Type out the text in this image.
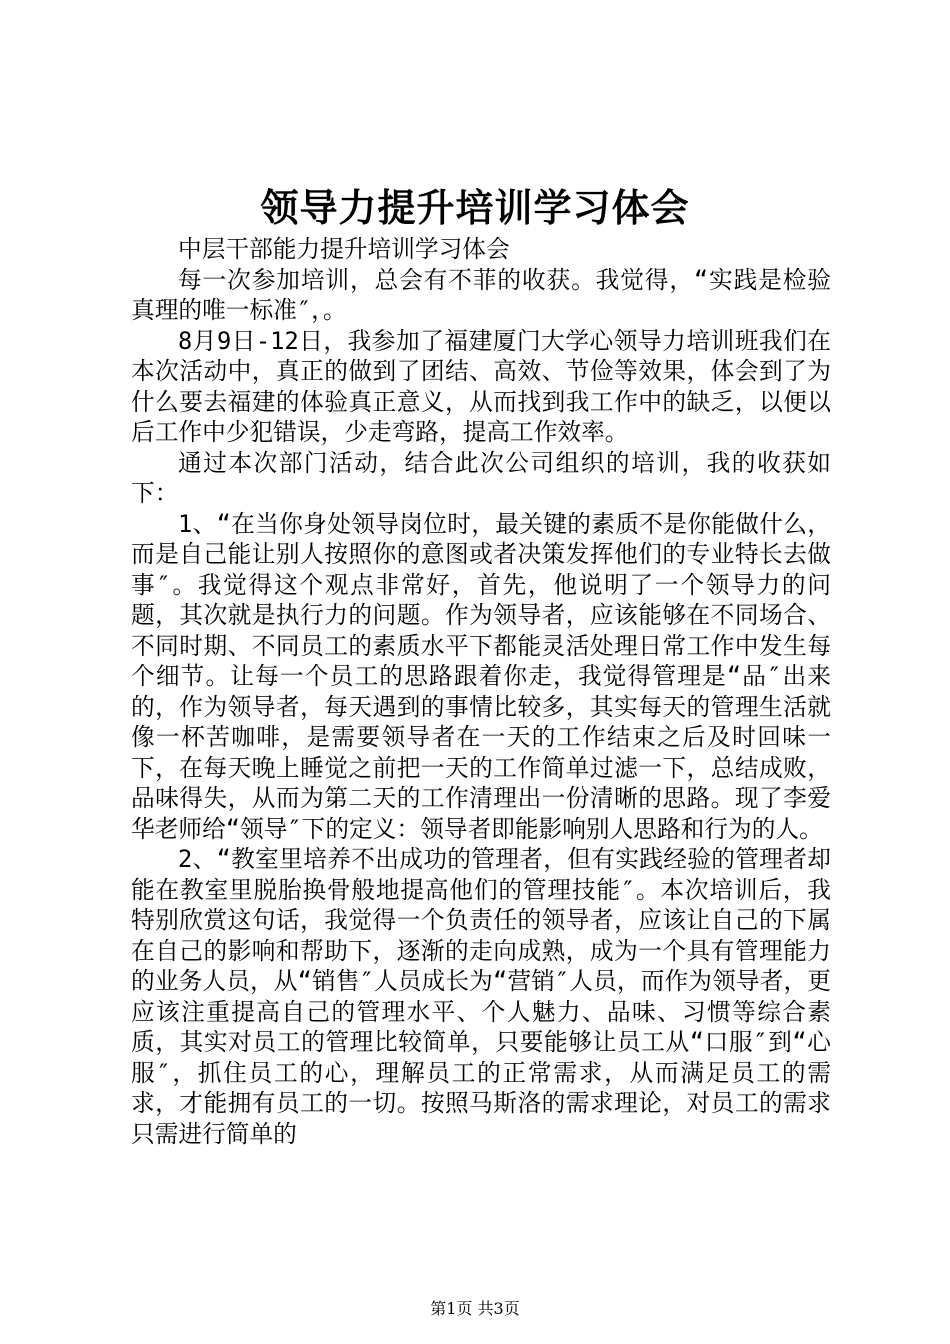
领导力提升培训学习体会

中层干部能力提升培训学习体会

每一次参加培训，总会有不菲的收获。我觉得，“实践是检验真理的唯一标准″，。

8月9日-12日，我参加了福建厦门大学心领导力培训班我们在本次活动中，真正的做到了团结、高效、节俭等效果，体会到了为什么要去福建的体验真正意义，从而找到我工作中的缺乏，以便以后工作中少犯错误，少走弯路，提高工作效率。

通过本次部门活动，结合此次公司组织的培训，我的收获如下：

1、“在当你身处领导岗位时，最关键的素质不是你能做什么，而是自己能让别人按照你的意图或者决策发挥他们的专业特长去做事″。我觉得这个观点非常好，首先，他说明了一个领导力的问题，其次就是执行力的问题。作为领导者，应该能够在不同场合、不同时期、不同员工的素质水平下都能灵活处理日常工作中发生每个细节。让每一个员工的思路跟着你走，我觉得管理是“品″出来的，作为领导者，每天遇到的事情比较多，其实每天的管理生活就像一杯苦咖啡，是需要领导者在一天的工作结束之后及时回味一下，在每天晚上睡觉之前把一天的工作简单过滤一下，总结成败，品味得失，从而为第二天的工作清理出一份清晰的思路。现了李爱华老师给“领导″下的定义：领导者即能影响别人思路和行为的人。

2、“教室里培养不出成功的管理者，但有实践经验的管理者却能在教室里脱胎换骨般地提高他们的管理技能″。本次培训后，我特别欣赏这句话，我觉得一个负责任的领导者，应该让自己的下属在自己的影响和帮助下，逐渐的走向成熟，成为一个具有管理能力的业务人员，从“销售″人员成长为“营销″人员，而作为领导者，更应该注重提高自己的管理水平、个人魅力、品味、习惯等综合素质，其实对员工的管理比较简单，只要能够让员工从“口服″到“心服″，抓住员工的心，理解员工的正常需求，从而满足员工的需求，才能拥有员工的一切。按照马斯洛的需求理论，对员工的需求只需进行简单的

第1页 共3页
